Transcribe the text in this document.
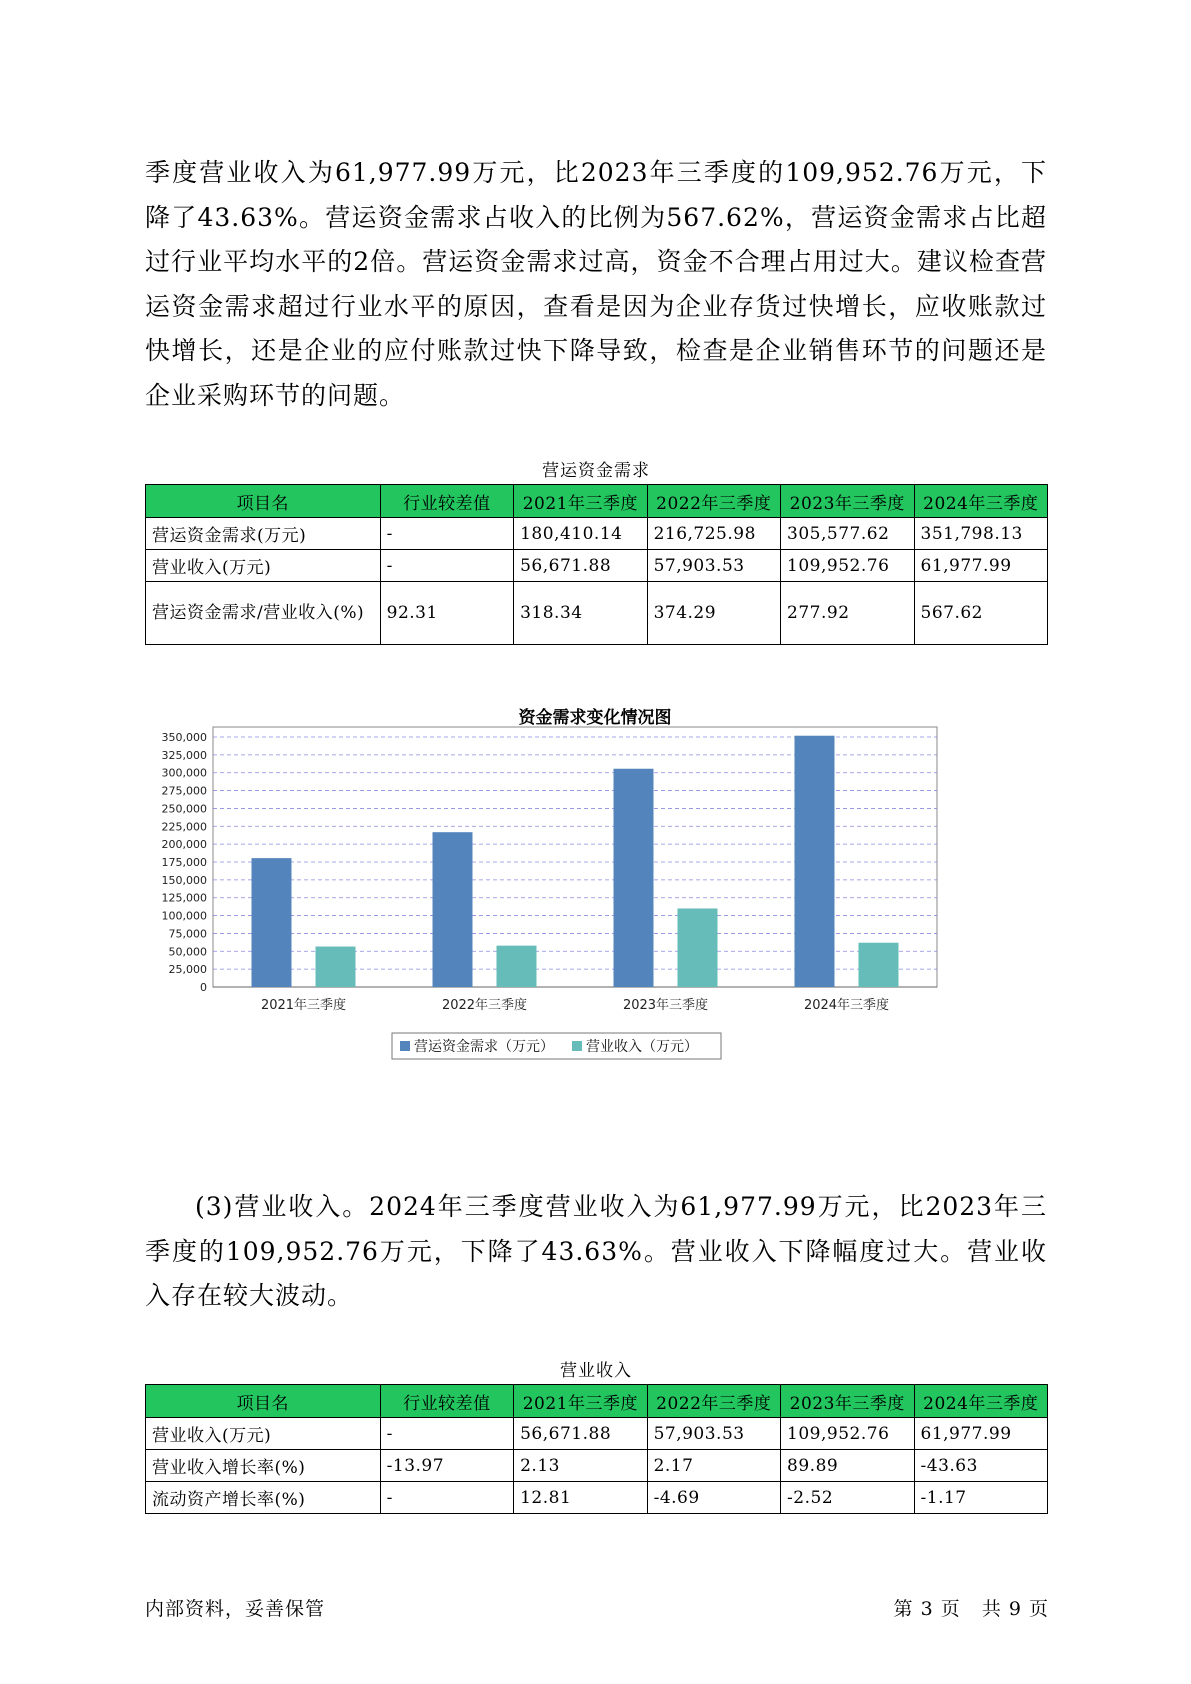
季度营业收入为61,977.99万元，比2023年三季度的109,952.76万元，下降了43.63%。营运资金需求占收入的比例为567.62%，营运资金需求占比超过行业平均水平的2倍。营运资金需求过高，资金不合理占用过大。建议检查营运资金需求超过行业水平的原因，查看是因为企业存货过快增长，应收账款过快增长，还是企业的应付账款过快下降导致，检查是企业销售环节的问题还是企业采购环节的问题。

营运资金需求
项目名	行业较差值	2021年三季度	2022年三季度	2023年三季度	2024年三季度
营运资金需求(万元)	-	180,410.14	216,725.98	305,577.62	351,798.13
营业收入(万元)	-	56,671.88	57,903.53	109,952.76	61,977.99
营运资金需求/营业收入(%)	92.31	318.34	374.29	277.92	567.62
资金需求变化情况图
0
25,000
50,000
75,000
100,000
125,000
150,000
175,000
200,000
225,000
250,000
275,000
300,000
325,000
350,000
2021年三季度	2022年三季度	2023年三季度	2024年三季度
营运资金需求（万元） 营业收入（万元）

(3)营业收入。2024年三季度营业收入为61,977.99万元，比2023年三季度的109,952.76万元，下降了43.63%。营业收入下降幅度过大。营业收入存在较大波动。

营业收入
项目名	行业较差值	2021年三季度	2022年三季度	2023年三季度	2024年三季度
营业收入(万元)	-	56,671.88	57,903.53	109,952.76	61,977.99
营业收入增长率(%)	-13.97	2.13	2.17	89.89	-43.63
流动资产增长率(%)	-	12.81	-4.69	-2.52	-1.17
内部资料，妥善保管	第 3 页   共 9 页
